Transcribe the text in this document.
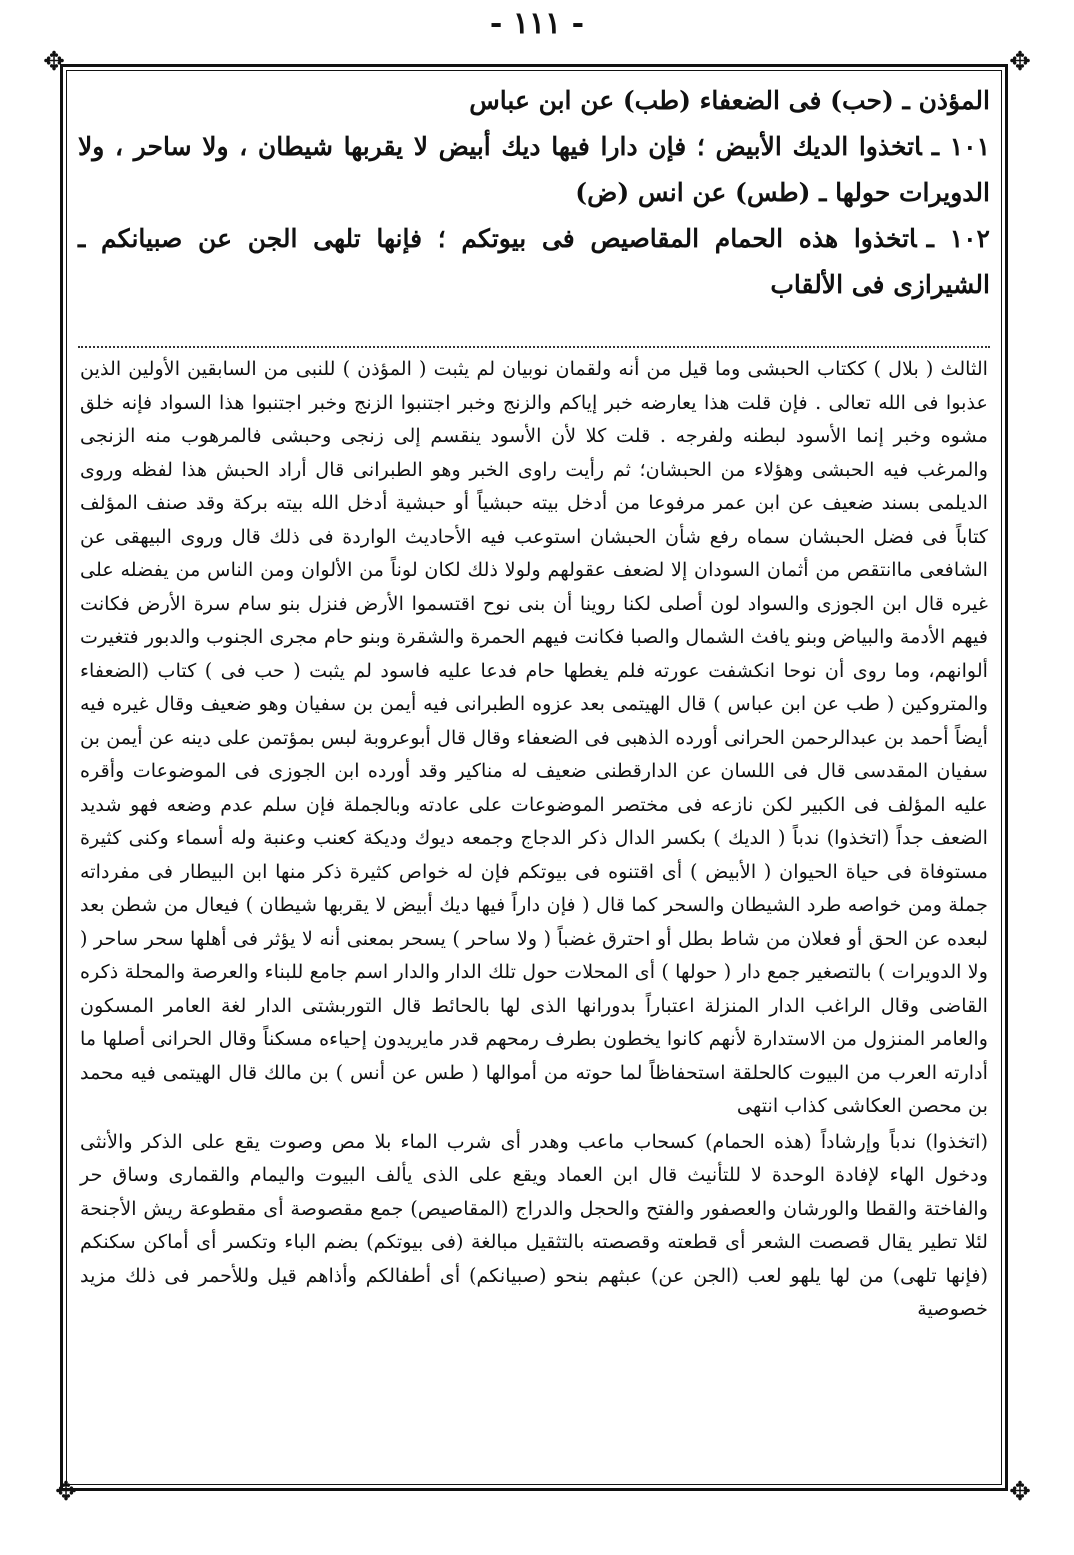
- ١١١ -
✥	✥
✥	✥

المؤذن ـ (حب) فى الضعفاء (طب) عن ابن عباس

١٠١ ـاتخذوا الديك الأبيض ؛ فإن دارا فيها ديك أبيض لا يقربها شيطان ، ولا ساحر ، ولا الدويرات حولها ـ (طس) عن انس (ض)

١٠٢ ـاتخذوا هذه الحمام المقاصيص فى بيوتكم ؛ فإنها تلهى الجن عن صبيانكم ـ الشيرازى فى الألقاب

الثالث ( بلال ) ككتاب الحبشى وما قيل من أنه ولقمان نوبيان لم يثبت ( المؤذن ) للنبى من السابقين الأولين الذين عذبوا فى الله تعالى . فإن قلت هذا يعارضه خبر إياكم والزنج وخبر اجتنبوا الزنج وخبر اجتنبوا هذا السواد فإنه خلق مشوه وخبر إنما الأسود لبطنه ولفرجه . قلت كلا لأن الأسود ينقسم إلى زنجى وحبشى فالمرهوب منه الزنجى والمرغب فيه الحبشى وهؤلاء من الحبشان؛ ثم رأيت راوى الخبر وهو الطبرانى قال أراد الحبش هذا لفظه وروى الديلمى بسند ضعيف عن ابن عمر مرفوعا من أدخل بيته حبشياً أو حبشية أدخل الله بيته بركة وقد صنف المؤلف كتاباً فى فضل الحبشان سماه رفع شأن الحبشان استوعب فيه الأحاديث الواردة فى ذلك قال وروى البيهقى عن الشافعى ماانتقص من أثمان السودان إلا لضعف عقولهم ولولا ذلك لكان لوناً من الألوان ومن الناس من يفضله على غيره قال ابن الجوزى والسواد لون أصلى لكنا روينا أن بنى نوح اقتسموا الأرض فنزل بنو سام سرة الأرض فكانت فيهم الأدمة والبياض وبنو يافث الشمال والصبا فكانت فيهم الحمرة والشقرة وبنو حام مجرى الجنوب والدبور فتغيرت ألوانهم، وما روى أن نوحا انكشفت عورته فلم يغطها حام فدعا عليه فاسود لم يثبت ( حب فى ) كتاب (الضعفاء والمتروكين ( طب عن ابن عباس ) قال الهيتمى بعد عزوه الطبرانى فيه أيمن بن سفيان وهو ضعيف وقال غيره فيه أيضاً أحمد بن عبدالرحمن الحرانى أورده الذهبى فى الضعفاء وقال قال أبوعروبة لبس بمؤتمن على دينه عن أيمن بن سفيان المقدسى قال فى اللسان عن الدارقطنى ضعيف له مناكير وقد أورده ابن الجوزى فى الموضوعات وأقره عليه المؤلف فى الكبير لكن نازعه فى مختصر الموضوعات على عادته وبالجملة فإن سلم عدم وضعه فهو شديد الضعف جداً (اتخذوا) ندباً ( الديك ) بكسر الدال ذكر الدجاج وجمعه ديوك وديكة كعنب وعنبة وله أسماء وكنى كثيرة مستوفاة فى حياة الحيوان ( الأبيض ) أى اقتنوه فى بيوتكم فإن له خواص كثيرة ذكر منها ابن البيطار فى مفرداته جملة ومن خواصه طرد الشيطان والسحر كما قال ( فإن داراً فيها ديك أبيض لا يقربها شيطان ) فيعال من شطن بعد لبعده عن الحق أو فعلان من شاط بطل أو احترق غضباً ( ولا ساحر ) يسحر بمعنى أنه لا يؤثر فى أهلها سحر ساحر ( ولا الدويرات ) بالتصغير جمع دار ( حولها ) أى المحلات حول تلك الدار والدار اسم جامع للبناء والعرصة والمحلة ذكره القاضى وقال الراغب الدار المنزلة اعتباراً بدورانها الذى لها بالحائط قال التوربشتى الدار لغة العامر المسكون والعامر المنزول من الاستدارة لأنهم كانوا يخطون بطرف رمحهم قدر مايريدون إحياءه مسكناً وقال الحرانى أصلها ما أدارته العرب من البيوت كالحلقة استحفاظاً لما حوته من أموالها ( طس عن أنس ) بن مالك قال الهيتمى فيه محمد بن محصن العكاشى كذاب انتهى

(اتخذوا) ندباً وإرشاداً (هذه الحمام) كسحاب ماعب وهدر أى شرب الماء بلا مص وصوت يقع على الذكر والأنثى ودخول الهاء لإفادة الوحدة لا للتأنيث قال ابن العماد ويقع على الذى يألف البيوت واليمام والقمارى وساق حر والفاختة والقطا والورشان والعصفور والفتح والحجل والدراج (المقاصيص) جمع مقصوصة أى مقطوعة ريش الأجنحة لئلا تطير يقال قصصت الشعر أى قطعته وقصصته بالتثقيل مبالغة (فى بيوتكم) بضم الباء وتكسر أى أماكن سكنكم (فإنها تلهى) من لها يلهو لعب (الجن عن) عبثهم بنحو (صبيانكم) أى أطفالكم وأذاهم قيل وللأحمر فى ذلك مزيد خصوصية
